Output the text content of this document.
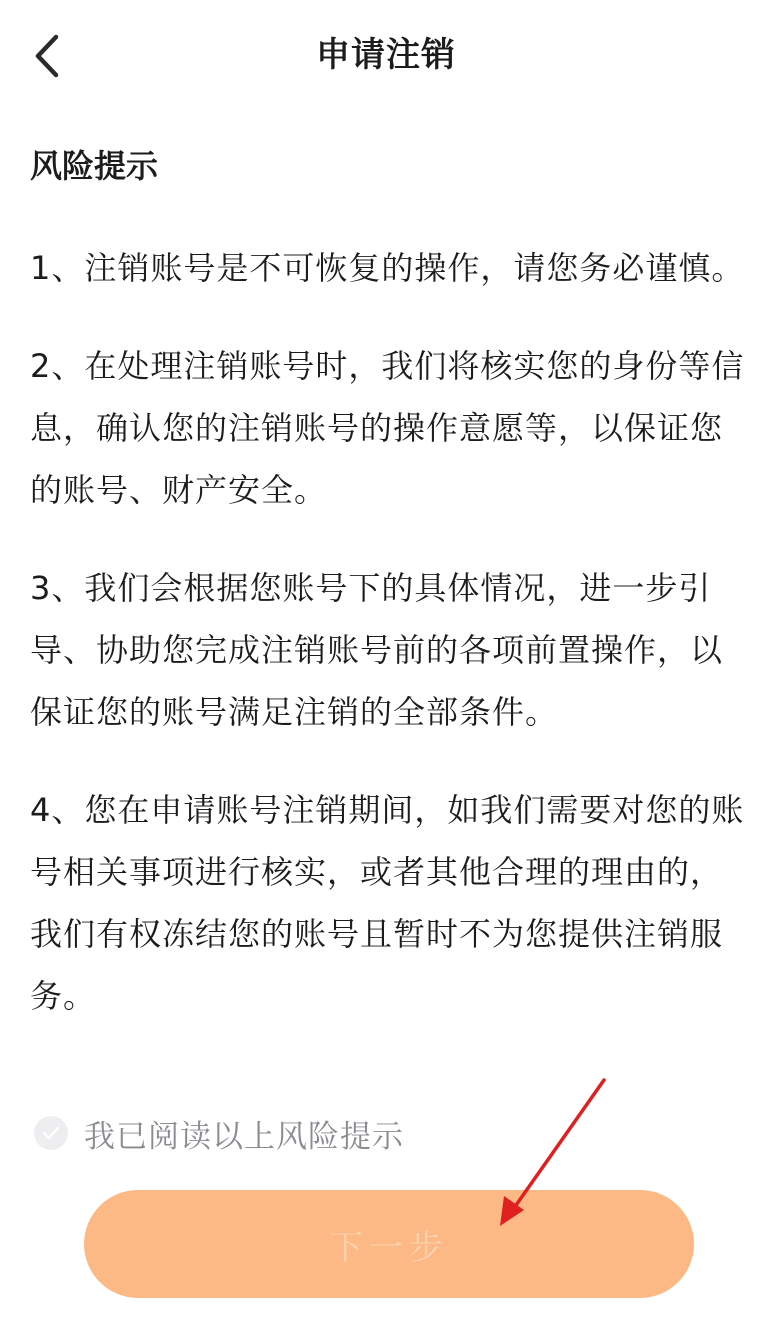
申请注销
风险提示

1、注销账号是不可恢复的操作，请您务必谨慎。

2、在处理注销账号时，我们将核实您的身份等信息，确认您的注销账号的操作意愿等，以保证您的账号、财产安全。

3、我们会根据您账号下的具体情况，进一步引导、协助您完成注销账号前的各项前置操作，以保证您的账号满足注销的全部条件。

4、您在申请账号注销期间，如我们需要对您的账号相关事项进行核实，或者其他合理的理由的，我们有权冻结您的账号且暂时不为您提供注销服务。

我已阅读以上风险提示
下一步
